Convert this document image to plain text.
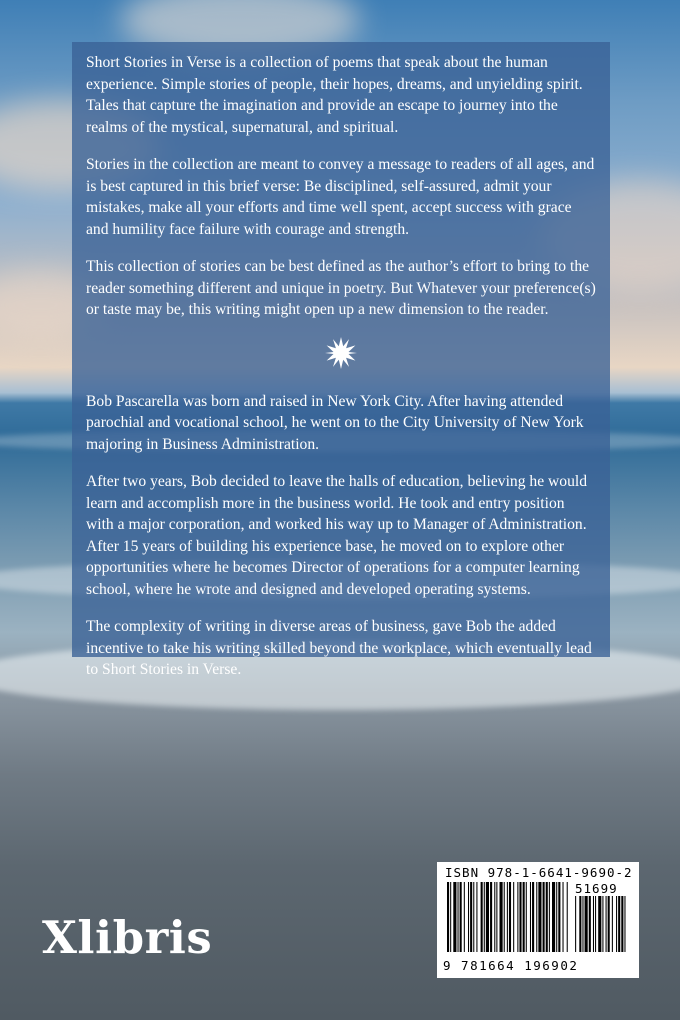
Short Stories in Verse is a collection of poems that speak about the human experience. Simple stories of people, their hopes, dreams, and unyielding spirit. Tales that capture the imagination and provide an escape to journey into the realms of the mystical, supernatural, and spiritual.

Stories in the collection are meant to convey a message to readers of all ages, and is best captured in this brief verse: Be disciplined, self-assured, admit your mistakes, make all your efforts and time well spent, accept success with grace and humility face failure with courage and strength.

This collection of stories can be best defined as the author’s effort to bring to the reader something different and unique in poetry. But Whatever your preference(s) or taste may be, this writing might open up a new dimension to the reader.

Bob Pascarella was born and raised in New York City. After having attended parochial and vocational school, he went on to the City University of New York majoring in Business Administration.

After two years, Bob decided to leave the halls of education, believing he would learn and accomplish more in the business world. He took and entry position with a major corporation, and worked his way up to Manager of Administration. After 15 years of building his experience base, he moved on to explore other opportunities where he becomes Director of operations for a computer learning school, where he wrote and designed and developed operating systems.

The complexity of writing in diverse areas of business, gave Bob the added incentive to take his writing skilled beyond the workplace, which eventually lead to Short Stories in Verse.

Xlibris
ISBN 978-1-6641-9690-2
51699
9 781664 196902
